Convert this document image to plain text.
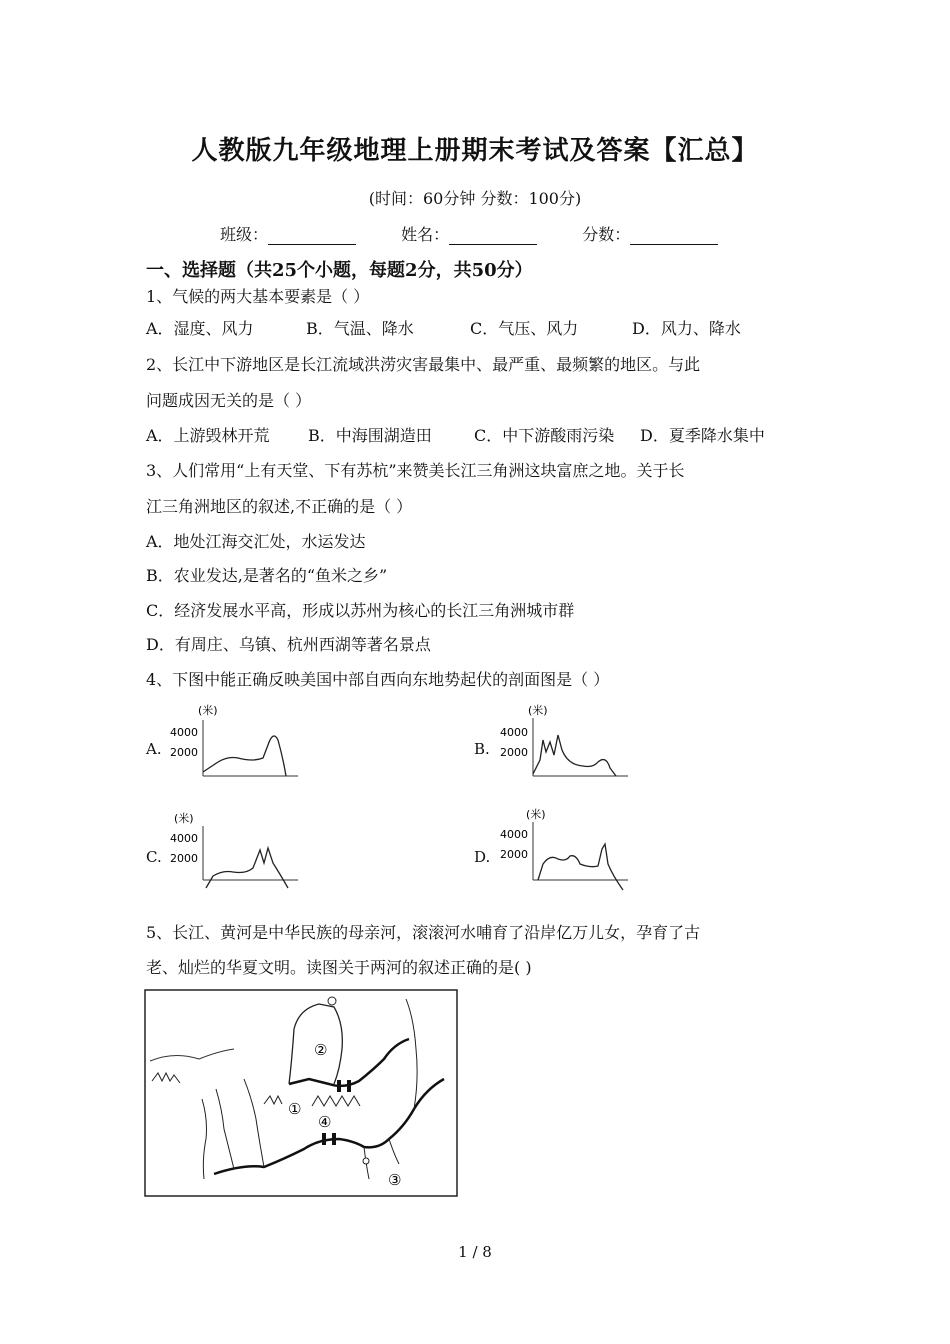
人教版九年级地理上册期末考试及答案【汇总】
(时间：60分钟 分数：100分)
班级：	姓名：	分数：
一、选择题（共25个小题，每题2分，共50分）
1、气候的两大基本要素是（ ）
A．湿度、风力	B．气温、降水	C．气压、风力	D．风力、降水
2、长江中下游地区是长江流域洪涝灾害最集中、最严重、最频繁的地区。与此
问题成因无关的是（ ）
A．上游毁林开荒 B．中海围湖造田	C．中下游酸雨污染 D．夏季降水集中
3、人们常用“上有天堂、下有苏杭”来赞美长江三角洲这块富庶之地。关于长
江三角洲地区的叙述,不正确的是（ ）
A．地处江海交汇处，水运发达
B．农业发达,是著名的“鱼米之乡”
C．经济发展水平高，形成以苏州为核心的长江三角洲城市群
D．有周庄、乌镇、杭州西湖等著名景点
4、下图中能正确反映美国中部自西向东地势起伏的剖面图是（ ）
A.	B.
C.	D.
(米)
4000
2000
(米)
4000
2000
(米)
4000
2000
(米)
4000
2000
5、长江、黄河是中华民族的母亲河，滚滚河水哺育了沿岸亿万儿女，孕育了古
老、灿烂的华夏文明。读图关于两河的叙述正确的是( )
①
②
③
④
1 / 8
